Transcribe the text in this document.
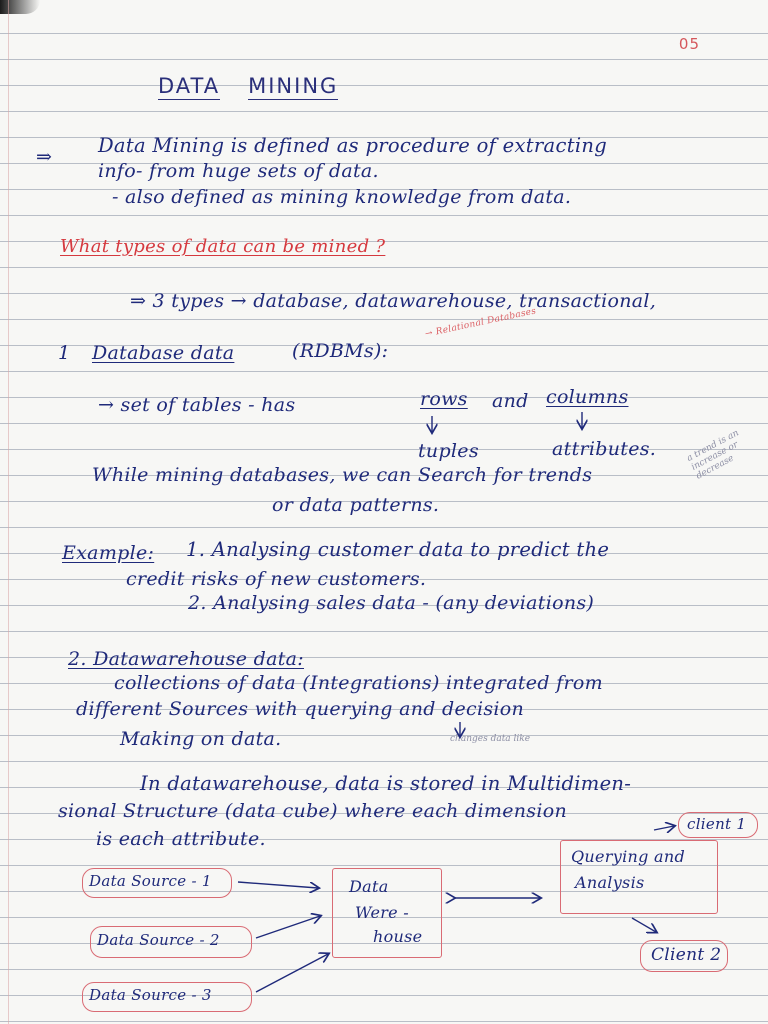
05
DATA MINING
⇒ Data Mining is defined as procedure of extracting
info- from huge sets of data.
- also defined as mining knowledge from data.
What types of data can be mined ?
⇒ 3 types → database, datawarehouse, transactional,
1 Database data	(RDBMs):
→ Relational Databases
→ set of tables - has	rows and columns
tuples	attributes.
While mining databases, we can Search for trends
or data patterns.
a trend is an increase or decrease
Example: 1. Analysing customer data to predict the
credit risks of new customers.
2. Analysing sales data - (any deviations)
2. Datawarehouse data:
collections of data (Integrations) integrated from
different Sources with querying and decision
Making on data.	changes data like
In datawarehouse, data is stored in Multidimen-
sional Structure (data cube) where each dimension
is each attribute.
Data Source - 1
Data Source - 2
Data Source - 3
Data
Were -
house
Querying and
Analysis
client 1
Client 2
